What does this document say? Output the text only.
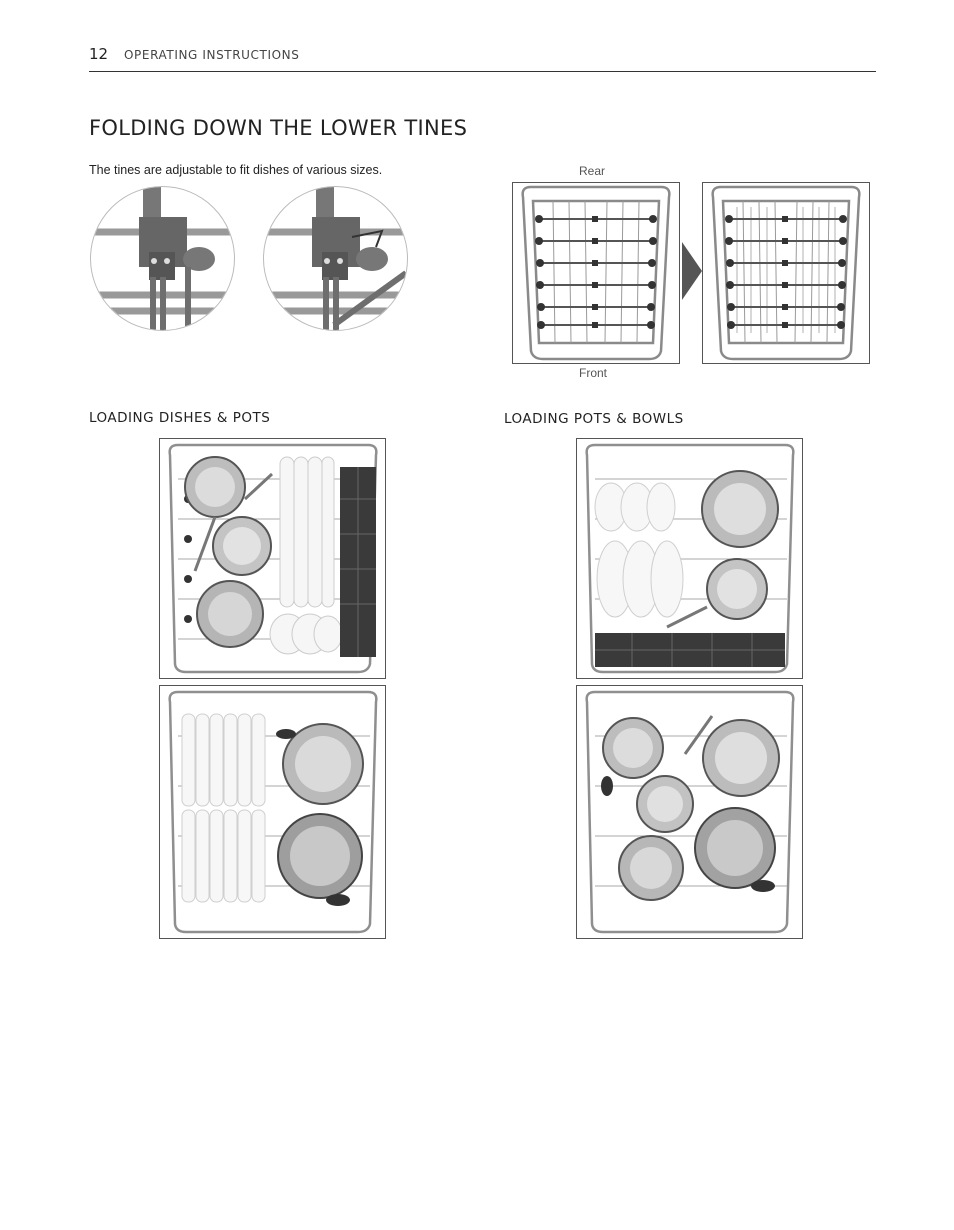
12 OPERATING INSTRUCTIONS
FOLDING DOWN THE LOWER TINES
The tines are adjustable to fit dishes of various sizes.	Rear
Front
LOADING DISHES & POTS	LOADING POTS & BOWLS
